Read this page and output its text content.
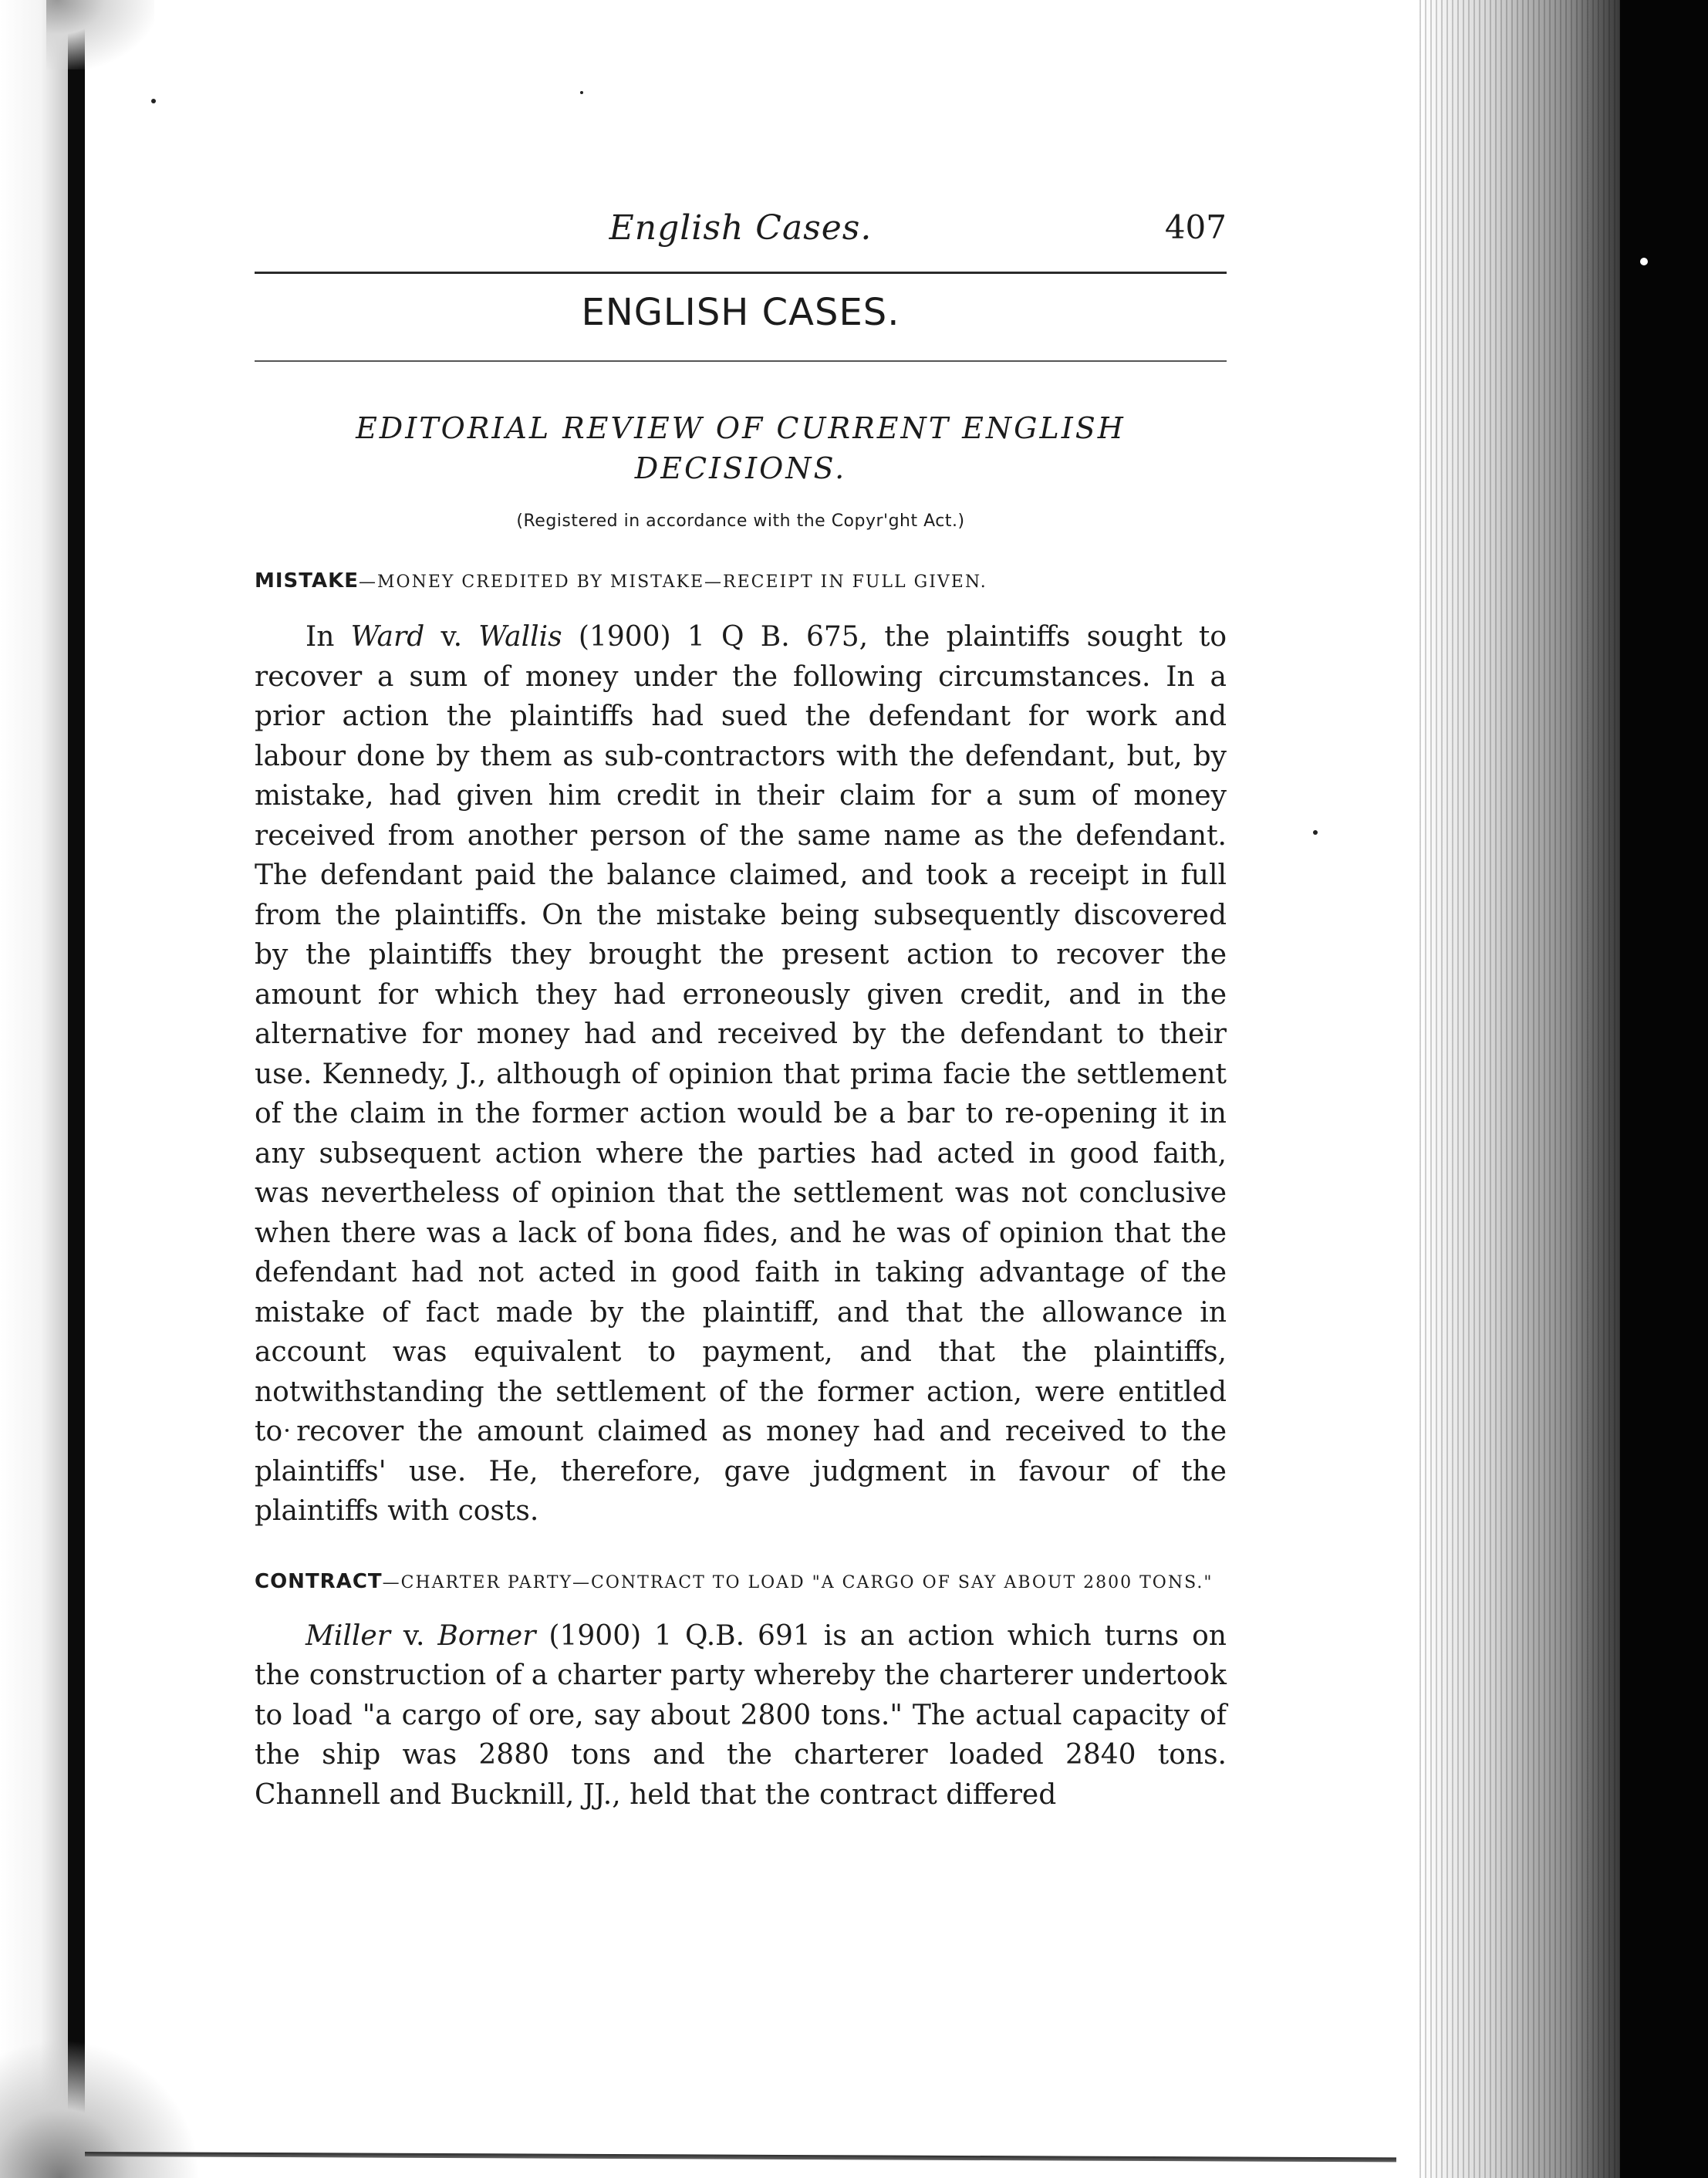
English Cases.	407
ENGLISH CASES.
EDITORIAL REVIEW OF CURRENT ENGLISH
DECISIONS.
(Registered in accordance with the Copyr'ght Act.)
MISTAKE—MONEY CREDITED BY MISTAKE—RECEIPT IN FULL GIVEN.

In Ward v. Wallis (1900) 1 Q B. 675, the plaintiffs sought to recover a sum of money under the following circumstances. In a prior action the plaintiffs had sued the defendant for work and labour done by them as sub-contractors with the defendant, but, by mistake, had given him credit in their claim for a sum of money received from another person of the same name as the defendant. The defendant paid the balance claimed, and took a receipt in full from the plaintiffs. On the mistake being subsequently discovered by the plaintiffs they brought the present action to recover the amount for which they had erroneously given credit, and in the alternative for money had and received by the defendant to their use. Kennedy, J., although of opinion that prima facie the settlement of the claim in the former action would be a bar to re-opening it in any subsequent action where the parties had acted in good faith, was nevertheless of opinion that the settlement was not conclusive when there was a lack of bona fides, and he was of opinion that the defendant had not acted in good faith in taking advantage of the mistake of fact made by the plaintiff, and that the allowance in account was equivalent to payment, and that the plaintiffs, notwithstanding the settlement of the former action, were entitled to recover the amount claimed as money had and received to the plaintiffs' use. He, therefore, gave judgment in favour of the plaintiffs with costs.

CONTRACT—CHARTER PARTY—CONTRACT TO LOAD "A CARGO OF SAY ABOUT 2800 TONS."

Miller v. Borner (1900) 1 Q.B. 691 is an action which turns on the construction of a charter party whereby the charterer undertook to load "a cargo of ore, say about 2800 tons." The actual capacity of the ship was 2880 tons and the charterer loaded 2840 tons. Channell and Bucknill, JJ., held that the contract differed
